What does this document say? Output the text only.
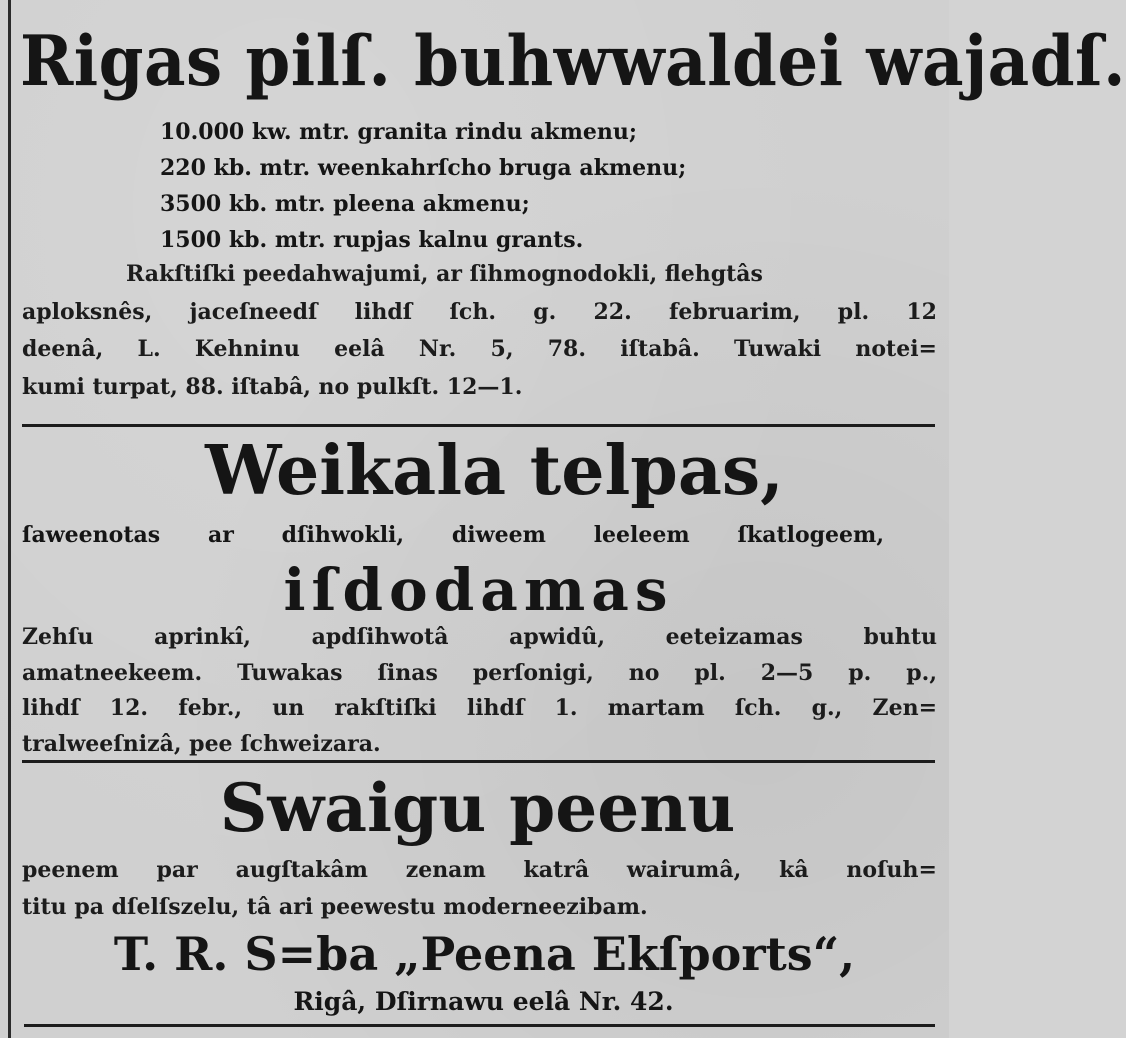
Rigas pilſ. buhwwaldei wajadſ.
10.000 kw. mtr. granita rindu akmenu;
220 kb. mtr. weenkahrſcho bruga akmenu;
3500 kb. mtr. pleena akmenu;
1500 kb. mtr. rupjas kalnu grants.
Rakſtiſki peedahwajumi, ar ſihmognodokli, flehgtâs
aploksnês, jaceſneedſ lihdſ ſch. g. 22. februarim, pl. 12
deenâ, L. Kehninu eelâ Nr. 5, 78. iſtabâ. Tuwaki notei=
kumi turpat, 88. iſtabâ, no pulkſt. 12—1.
Weikala telpas,
ſaweenotas ar dſihwokli, diweem leeleem ſkatlogeem,
iſdodamas
Zehſu aprinkî, apdſihwotâ apwidû, eeteizamas buhtu
amatneekeem. Tuwakas ſinas perſonigi, no pl. 2—5 p. p.,
lihdſ 12. febr., un rakſtiſki lihdſ 1. martam ſch. g., Zen=
tralweeſnizâ, pee ſchweizara.
Swaigu peenu
peenem par augſtakâm zenam katrâ wairumâ, kâ noſuh=
titu pa dſelſszelu, tâ ari peewestu moderneezibam.
T. R. S=ba „Peena Ekſports“,
Rigâ, Dſirnawu eelâ Nr. 42.
